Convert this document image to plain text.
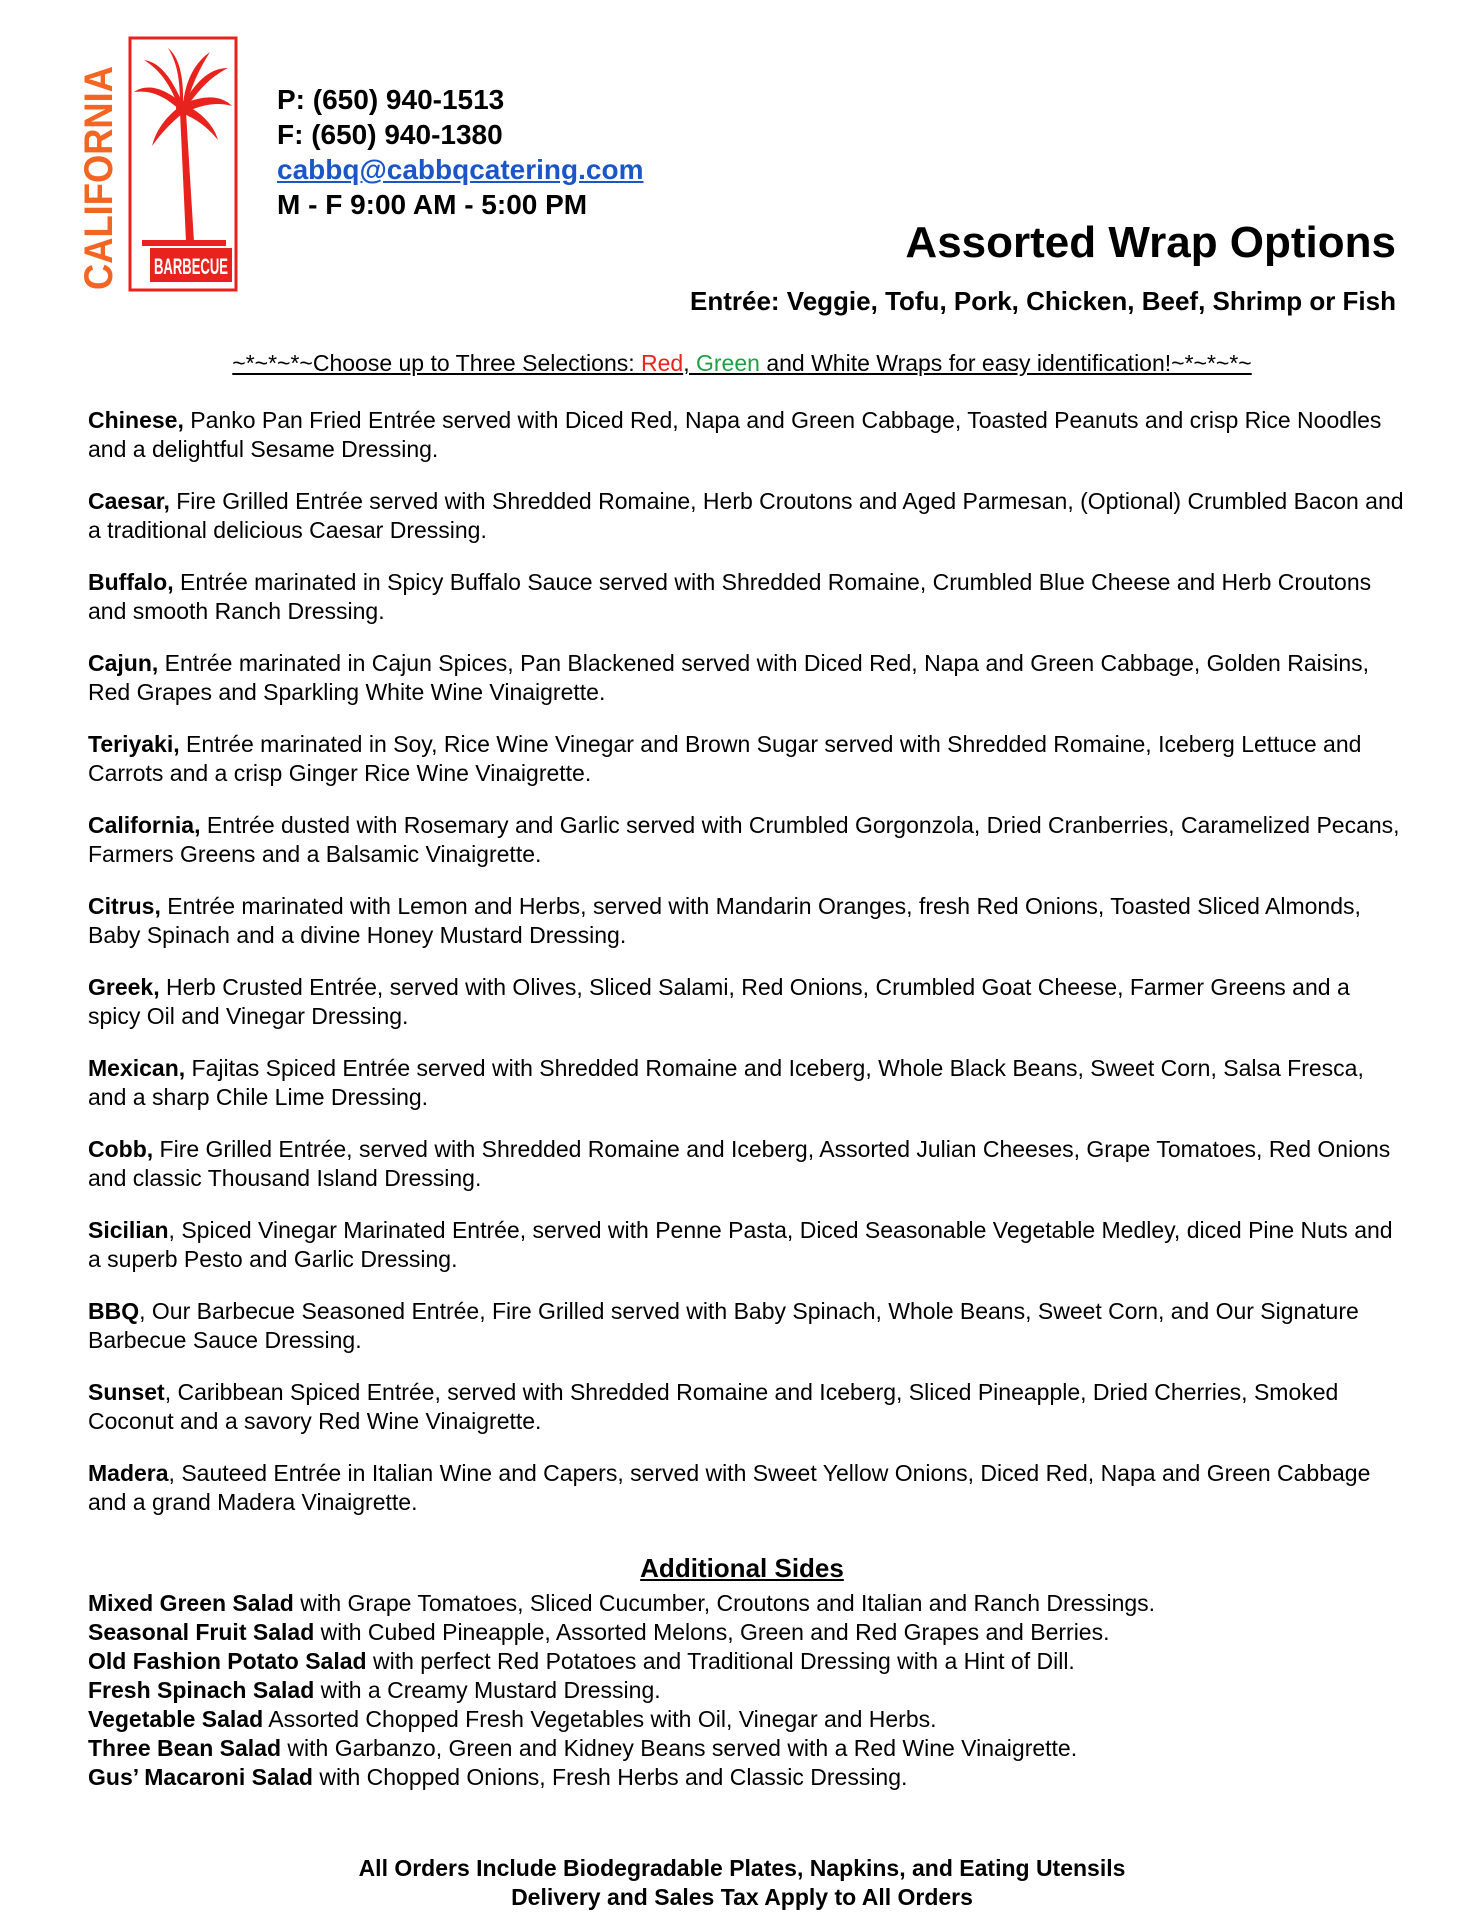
CALIFORNIA BARBECUE
P: (650) 940-1513
F: (650) 940-1380
cabbq@cabbqcatering.com
M - F 9:00 AM - 5:00 PM
Assorted Wrap Options
Entrée: Veggie, Tofu, Pork, Chicken, Beef, Shrimp or Fish
~*~*~*~Choose up to Three Selections: Red, Green and White Wraps for easy identification!~*~*~*~

Chinese, Panko Pan Fried Entrée served with Diced Red, Napa and Green Cabbage, Toasted Peanuts and crisp Rice Noodles and a delightful Sesame Dressing.

Caesar, Fire Grilled Entrée served with Shredded Romaine, Herb Croutons and Aged Parmesan, (Optional) Crumbled Bacon and a traditional delicious Caesar Dressing.

Buffalo, Entrée marinated in Spicy Buffalo Sauce served with Shredded Romaine, Crumbled Blue Cheese and Herb Croutons and smooth Ranch Dressing.

Cajun, Entrée marinated in Cajun Spices, Pan Blackened served with Diced Red, Napa and Green Cabbage, Golden Raisins, Red Grapes and Sparkling White Wine Vinaigrette.

Teriyaki, Entrée marinated in Soy, Rice Wine Vinegar and Brown Sugar served with Shredded Romaine, Iceberg Lettuce and Carrots and a crisp Ginger Rice Wine Vinaigrette.

California, Entrée dusted with Rosemary and Garlic served with Crumbled Gorgonzola, Dried Cranberries, Caramelized Pecans, Farmers Greens and a Balsamic Vinaigrette.

Citrus, Entrée marinated with Lemon and Herbs, served with Mandarin Oranges, fresh Red Onions, Toasted Sliced Almonds, Baby Spinach and a divine Honey Mustard Dressing.

Greek, Herb Crusted Entrée, served with Olives, Sliced Salami, Red Onions, Crumbled Goat Cheese, Farmer Greens and a spicy Oil and Vinegar Dressing.

Mexican, Fajitas Spiced Entrée served with Shredded Romaine and Iceberg, Whole Black Beans, Sweet Corn, Salsa Fresca, and a sharp Chile Lime Dressing.

Cobb, Fire Grilled Entrée, served with Shredded Romaine and Iceberg, Assorted Julian Cheeses, Grape Tomatoes, Red Onions and classic Thousand Island Dressing.

Sicilian, Spiced Vinegar Marinated Entrée, served with Penne Pasta, Diced Seasonable Vegetable Medley, diced Pine Nuts and a superb Pesto and Garlic Dressing.

BBQ, Our Barbecue Seasoned Entrée, Fire Grilled served with Baby Spinach, Whole Beans, Sweet Corn, and Our Signature Barbecue Sauce Dressing.

Sunset, Caribbean Spiced Entrée, served with Shredded Romaine and Iceberg, Sliced Pineapple, Dried Cherries, Smoked Coconut and a savory Red Wine Vinaigrette.

Madera, Sauteed Entrée in Italian Wine and Capers, served with Sweet Yellow Onions, Diced Red, Napa and Green Cabbage and a grand Madera Vinaigrette.

Additional Sides

Mixed Green Salad with Grape Tomatoes, Sliced Cucumber, Croutons and Italian and Ranch Dressings.

Seasonal Fruit Salad with Cubed Pineapple, Assorted Melons, Green and Red Grapes and Berries.

Old Fashion Potato Salad with perfect Red Potatoes and Traditional Dressing with a Hint of Dill.

Fresh Spinach Salad with a Creamy Mustard Dressing.

Vegetable Salad Assorted Chopped Fresh Vegetables with Oil, Vinegar and Herbs.

Three Bean Salad with Garbanzo, Green and Kidney Beans served with a Red Wine Vinaigrette.

Gus’ Macaroni Salad with Chopped Onions, Fresh Herbs and Classic Dressing.

All Orders Include Biodegradable Plates, Napkins, and Eating Utensils
Delivery and Sales Tax Apply to All Orders
